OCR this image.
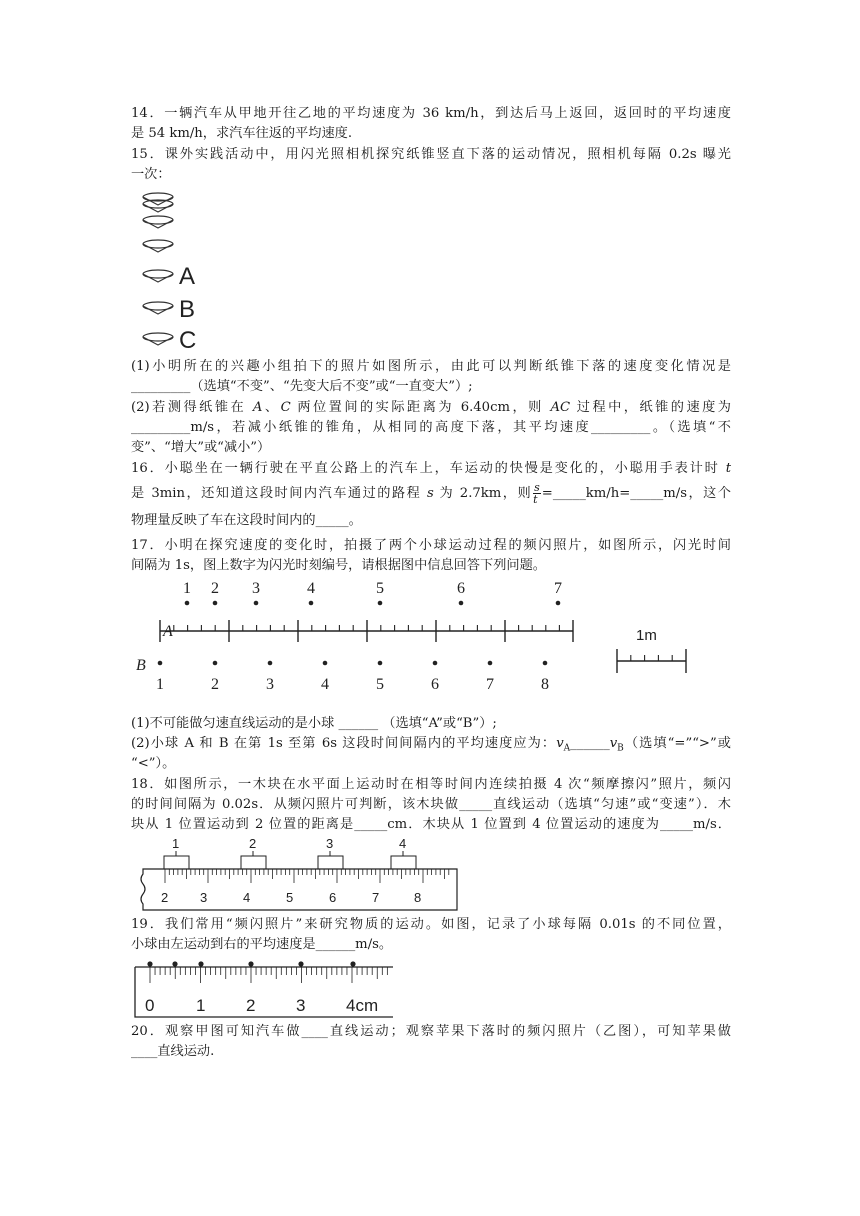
14．一辆汽车从甲地开往乙地的平均速度为 36 km/h，到达后马上返回，返回时的平均速度
是 54 km/h，求汽车往返的平均速度.
15．课外实践活动中，用闪光照相机探究纸锥竖直下落的运动情况，照相机每隔 0.2s 曝光
一次：
A
B
C
(1)小明所在的兴趣小组拍下的照片如图所示，由此可以判断纸锥下落的速度变化情况是
_________（选填“不变”、“先变大后不变”或“一直变大”）;
(2)若测得纸锥在 A、C 两位置间的实际距离为 6.40cm，则 AC 过程中，纸锥的速度为
_________m/s，若减小纸锥的锥角，从相同的高度下落，其平均速度_________。（选填“不
变”、“增大”或“减小”）
16．小聪坐在一辆行驶在平直公路上的汽车上，车运动的快慢是变化的，小聪用手表计时 t
是 3min，还知道这段时间内汽车通过的路程 s 为 2.7km，则 $\frac{s}{t}$ =_____km/h=_____m/s，这个
物理量反映了车在这段时间内的_____。
17．小明在探究速度的变化时，拍摄了两个小球运动过程的频闪照片，如图所示，闪光时间
间隔为 1s，图上数字为闪光时刻编号，请根据图中信息回答下列问题。
A
B
1 2 3	4	5	6	7
1	2	3	4	5	6	7	8
1m
(1)不可能做匀速直线运动的是小球 ______ （选填“A”或“B”）;
(2)小球 A 和 B 在第 1s 至第 6s 这段时间间隔内的平均速度应为：$v_A\_\_\_\_\_\_v_B$（选填“=”“>”或
“<”）。
18．如图所示，一木块在水平面上运动时在相等时间内连续拍摄 4 次“频摩擦闪”照片，频闪
的时间间隔为 0.02s．从频闪照片可判断，该木块做_____直线运动（选填“匀速”或“变速”）．木
块从 1 位置运动到 2 位置的距离是_____cm．木块从 1 位置到 4 位置运动的速度为_____m/s．
1	2	3	4
2 3	4	5	6	7	8
19．我们常用“频闪照片”来研究物质的运动。如图，记录了小球每隔 0.01s 的不同位置，
小球由左运动到右的平均速度是______m/s。
0 1 2 3 4cm
20．观察甲图可知汽车做____直线运动；观察苹果下落时的频闪照片（乙图），可知苹果做
____直线运动.
